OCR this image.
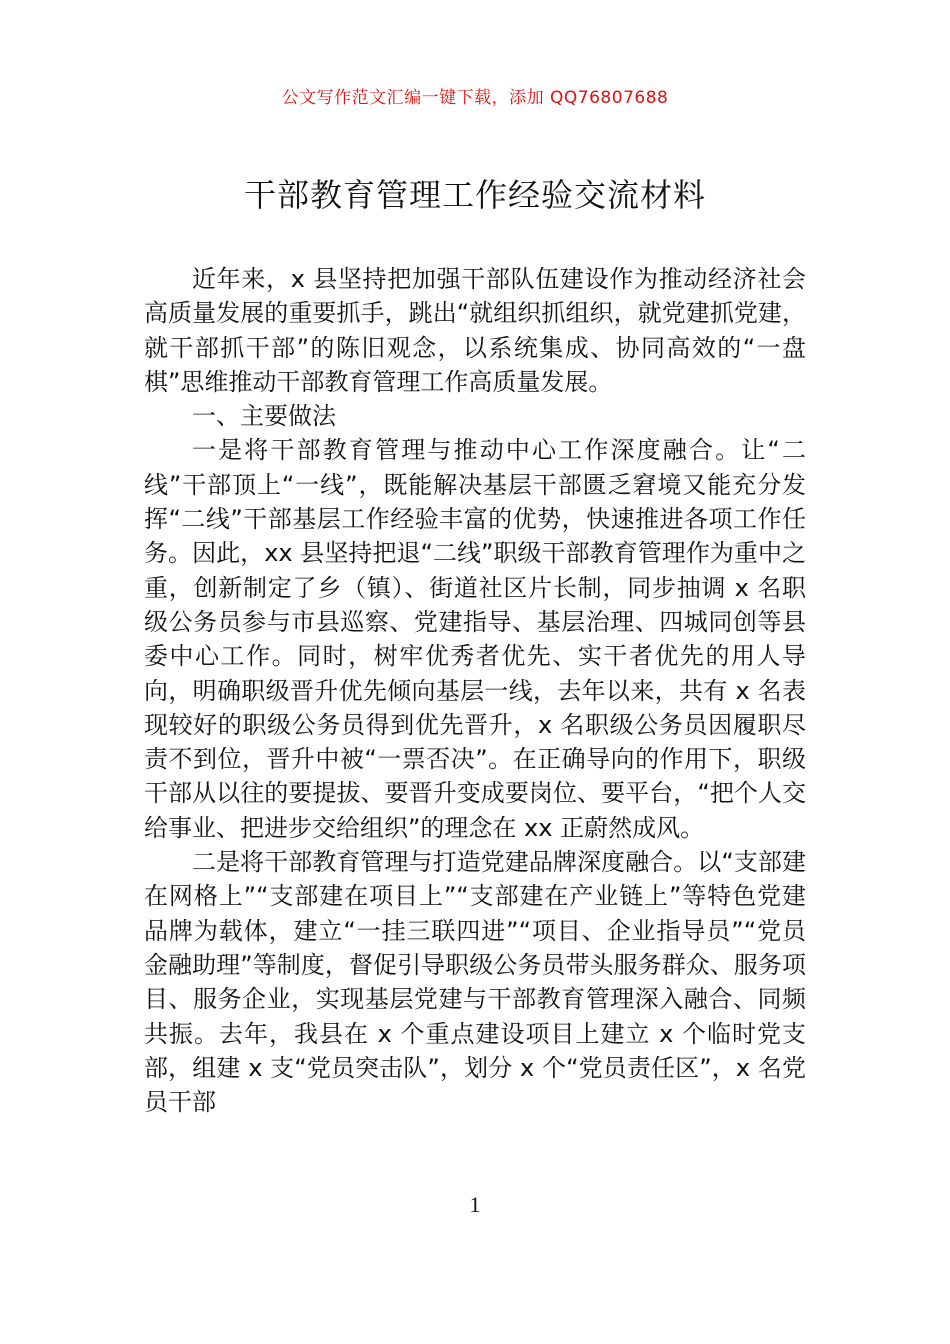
公文写作范文汇编一键下载，添加 QQ76807688
干部教育管理工作经验交流材料

近年来，x 县坚持把加强干部队伍建设作为推动经济社会高质量发展的重要抓手，跳出“就组织抓组织，就党建抓党建，就干部抓干部”的陈旧观念，以系统集成、协同高效的“一盘棋”思维推动干部教育管理工作高质量发展。

一、主要做法

一是将干部教育管理与推动中心工作深度融合。让“二线”干部顶上“一线”，既能解决基层干部匮乏窘境又能充分发挥“二线”干部基层工作经验丰富的优势，快速推进各项工作任务。因此，xx 县坚持把退“二线”职级干部教育管理作为重中之重，创新制定了乡（镇）、街道社区片长制，同步抽调 x 名职级公务员参与市县巡察、党建指导、基层治理、四城同创等县委中心工作。同时，树牢优秀者优先、实干者优先的用人导向，明确职级晋升优先倾向基层一线，去年以来，共有 x 名表现较好的职级公务员得到优先晋升，x 名职级公务员因履职尽责不到位，晋升中被“一票否决”。在正确导向的作用下，职级干部从以往的要提拔、要晋升变成要岗位、要平台，“把个人交给事业、把进步交给组织”的理念在 xx 正蔚然成风。

二是将干部教育管理与打造党建品牌深度融合。以“支部建在网格上”“支部建在项目上”“支部建在产业链上”等特色党建品牌为载体，建立“一挂三联四进”“项目、企业指导员”“党员金融助理”等制度，督促引导职级公务员带头服务群众、服务项目、服务企业，实现基层党建与干部教育管理深入融合、同频共振。去年，我县在 x 个重点建设项目上建立 x 个临时党支部，组建 x 支“党员突击队”，划分 x 个“党员责任区”，x 名党员干部

1
